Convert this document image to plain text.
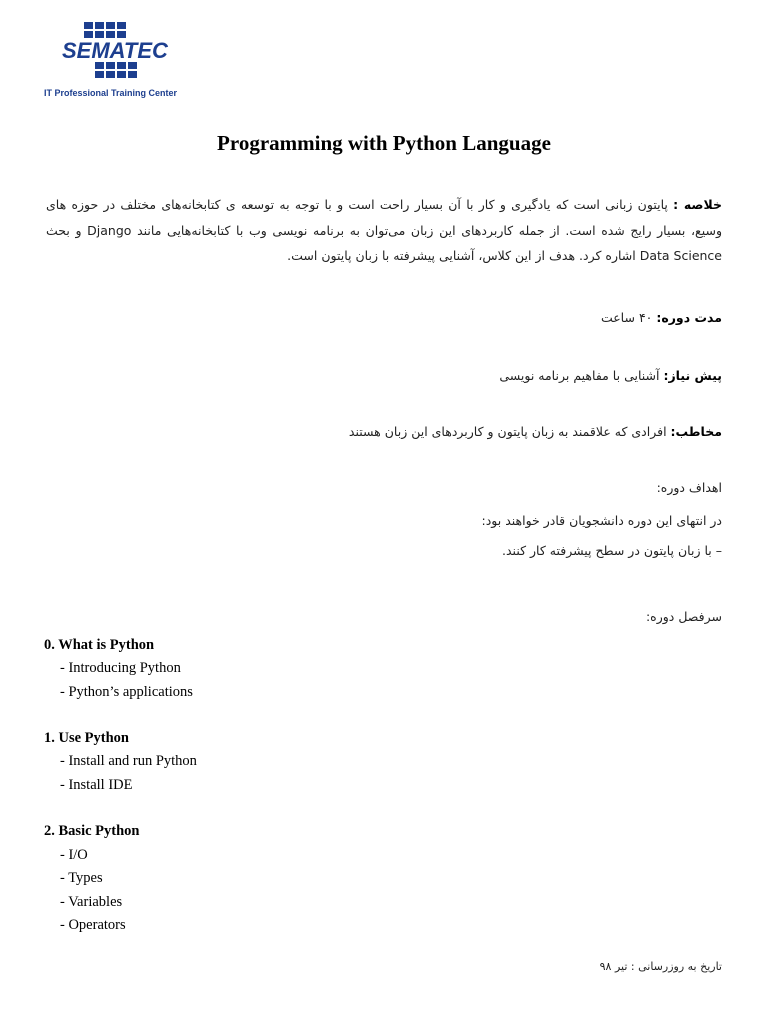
SEMATEC
IT Professional Training Center
Programming with Python Language
خلاصه : پایتون زبانی است که یادگیری و کار با آن بسیار راحت است و با توجه به توسعه ی کتابخانه‌های مختلف در حوزه های وسیع، بسیار رایج شده است. از جمله کاربردهای این زبان می‌توان به برنامه نویسی وب با کتابخانه‌هایی مانند Django و بحث Data Science اشاره کرد. هدف از این کلاس، آشنایی پیشرفته با زبان پایتون است.
مدت دوره: ۴۰ ساعت
پیش نیاز: آشنایی با مفاهیم برنامه نویسی
مخاطب: افرادی که علاقمند به زبان پایتون و کاربردهای این زبان هستند
اهداف دوره:
در انتهای این دوره دانشجویان قادر خواهند بود:
– با زبان پایتون در سطح پیشرفته کار کنند.
سرفصل دوره:
0. What is Python
- Introducing Python
- Python’s applications
1. Use Python
- Install and run Python
- Install IDE
2. Basic Python
- I/O
- Types
- Variables
- Operators
تاریخ به روزرسانی : تیر ۹۸
